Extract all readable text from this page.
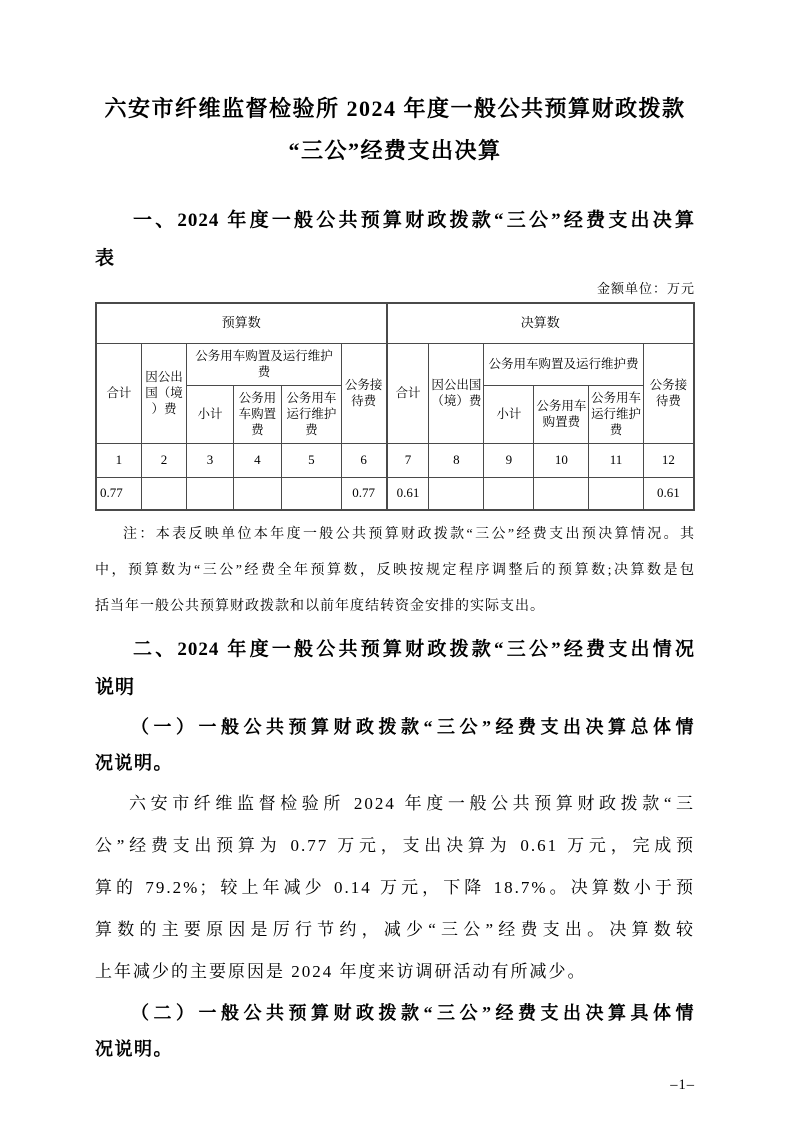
六安市纤维监督检验所 2024 年度一般公共预算财政拨款
“三公”经费支出决算
一、2024 年度一般公共预算财政拨款“三公”经费支出决算
表
金额单位：万元
预算数						决算数					
合计	因公出国（境）费	公务用车购置及运行维护费			公务接待费	合计	因公出国（境）费	公务用车购置及运行维护费			公务接待费
		小计	公务用车购置费	公务用车运行维护费				小计	公务用车购置费	公务用车运行维护费	
1	2	3	4	5	6	7	8	9	10	11	12
0.77					0.77	0.61					0.61
注：本表反映单位本年度一般公共预算财政拨款“三公”经费支出预决算情况。其
中，预算数为“三公”经费全年预算数，反映按规定程序调整后的预算数;决算数是包
括当年一般公共预算财政拨款和以前年度结转资金安排的实际支出。
二、2024 年度一般公共预算财政拨款“三公”经费支出情况
说明
（一）一般公共预算财政拨款“三公”经费支出决算总体情
况说明。
六安市纤维监督检验所 2024 年度一般公共预算财政拨款“三
公”经费支出预算为 0.77 万元，支出决算为 0.61 万元，完成预
算的 79.2%；较上年减少 0.14 万元，下降 18.7%。决算数小于预
算数的主要原因是厉行节约，减少“三公”经费支出。决算数较
上年减少的主要原因是 2024 年度来访调研活动有所减少。
（二）一般公共预算财政拨款“三公”经费支出决算具体情
况说明。
–1–
